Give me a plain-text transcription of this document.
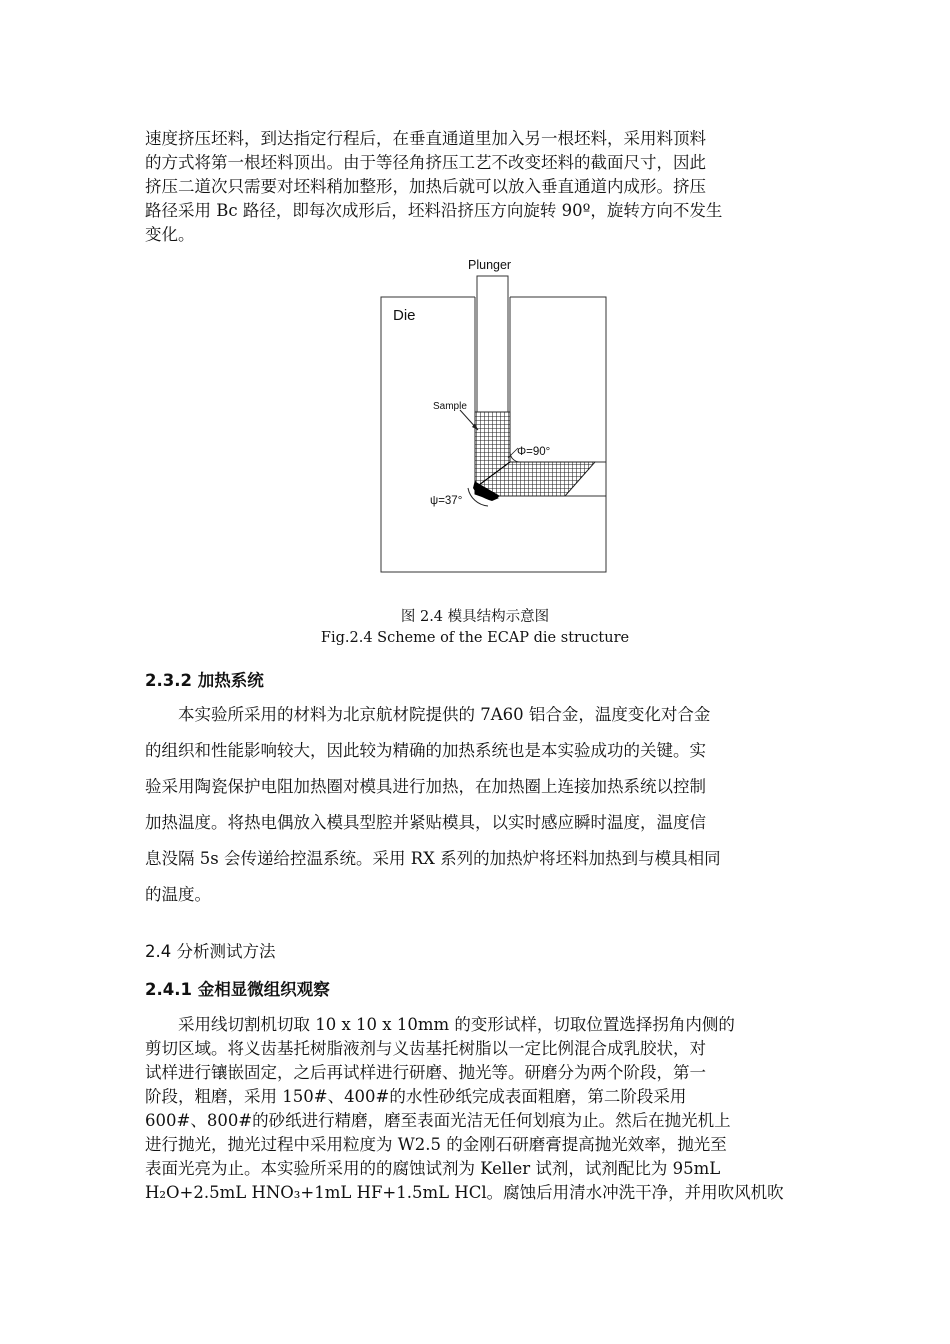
速度挤压坯料，到达指定行程后，在垂直通道里加入另一根坯料，采用料顶料

的方式将第一根坯料顶出。由于等径角挤压工艺不改变坯料的截面尺寸，因此

挤压二道次只需要对坯料稍加整形，加热后就可以放入垂直通道内成形。挤压

路径采用 Bc 路径，即每次成形后，坯料沿挤压方向旋转 90º，旋转方向不发生

变化。

Plunger
Die
Sample
Φ=90°
ψ=37°
图 2.4 模具结构示意图
Fig.2.4 Scheme of the ECAP die structure
2.3.2 加热系统

本实验所采用的材料为北京航材院提供的 7A60 铝合金，温度变化对合金

的组织和性能影响较大，因此较为精确的加热系统也是本实验成功的关键。实

验采用陶瓷保护电阻加热圈对模具进行加热，在加热圈上连接加热系统以控制

加热温度。将热电偶放入模具型腔并紧贴模具，以实时感应瞬时温度，温度信

息没隔 5s 会传递给控温系统。采用 RX 系列的加热炉将坯料加热到与模具相同

的温度。

2.4 分析测试方法
2.4.1 金相显微组织观察

采用线切割机切取 10 x 10 x 10mm 的变形试样，切取位置选择拐角内侧的

剪切区域。将义齿基托树脂液剂与义齿基托树脂以一定比例混合成乳胶状，对

试样进行镶嵌固定，之后再试样进行研磨、抛光等。研磨分为两个阶段，第一

阶段，粗磨，采用 150#、400#的水性砂纸完成表面粗磨，第二阶段采用

600#、800#的砂纸进行精磨，磨至表面光洁无任何划痕为止。然后在抛光机上

进行抛光，抛光过程中采用粒度为 W2.5 的金刚石研磨膏提高抛光效率，抛光至

表面光亮为止。本实验所采用的的腐蚀试剂为 Keller 试剂，试剂配比为 95mL

H₂O+2.5mL HNO₃+1mL HF+1.5mL HCl。腐蚀后用清水冲洗干净，并用吹风机吹
